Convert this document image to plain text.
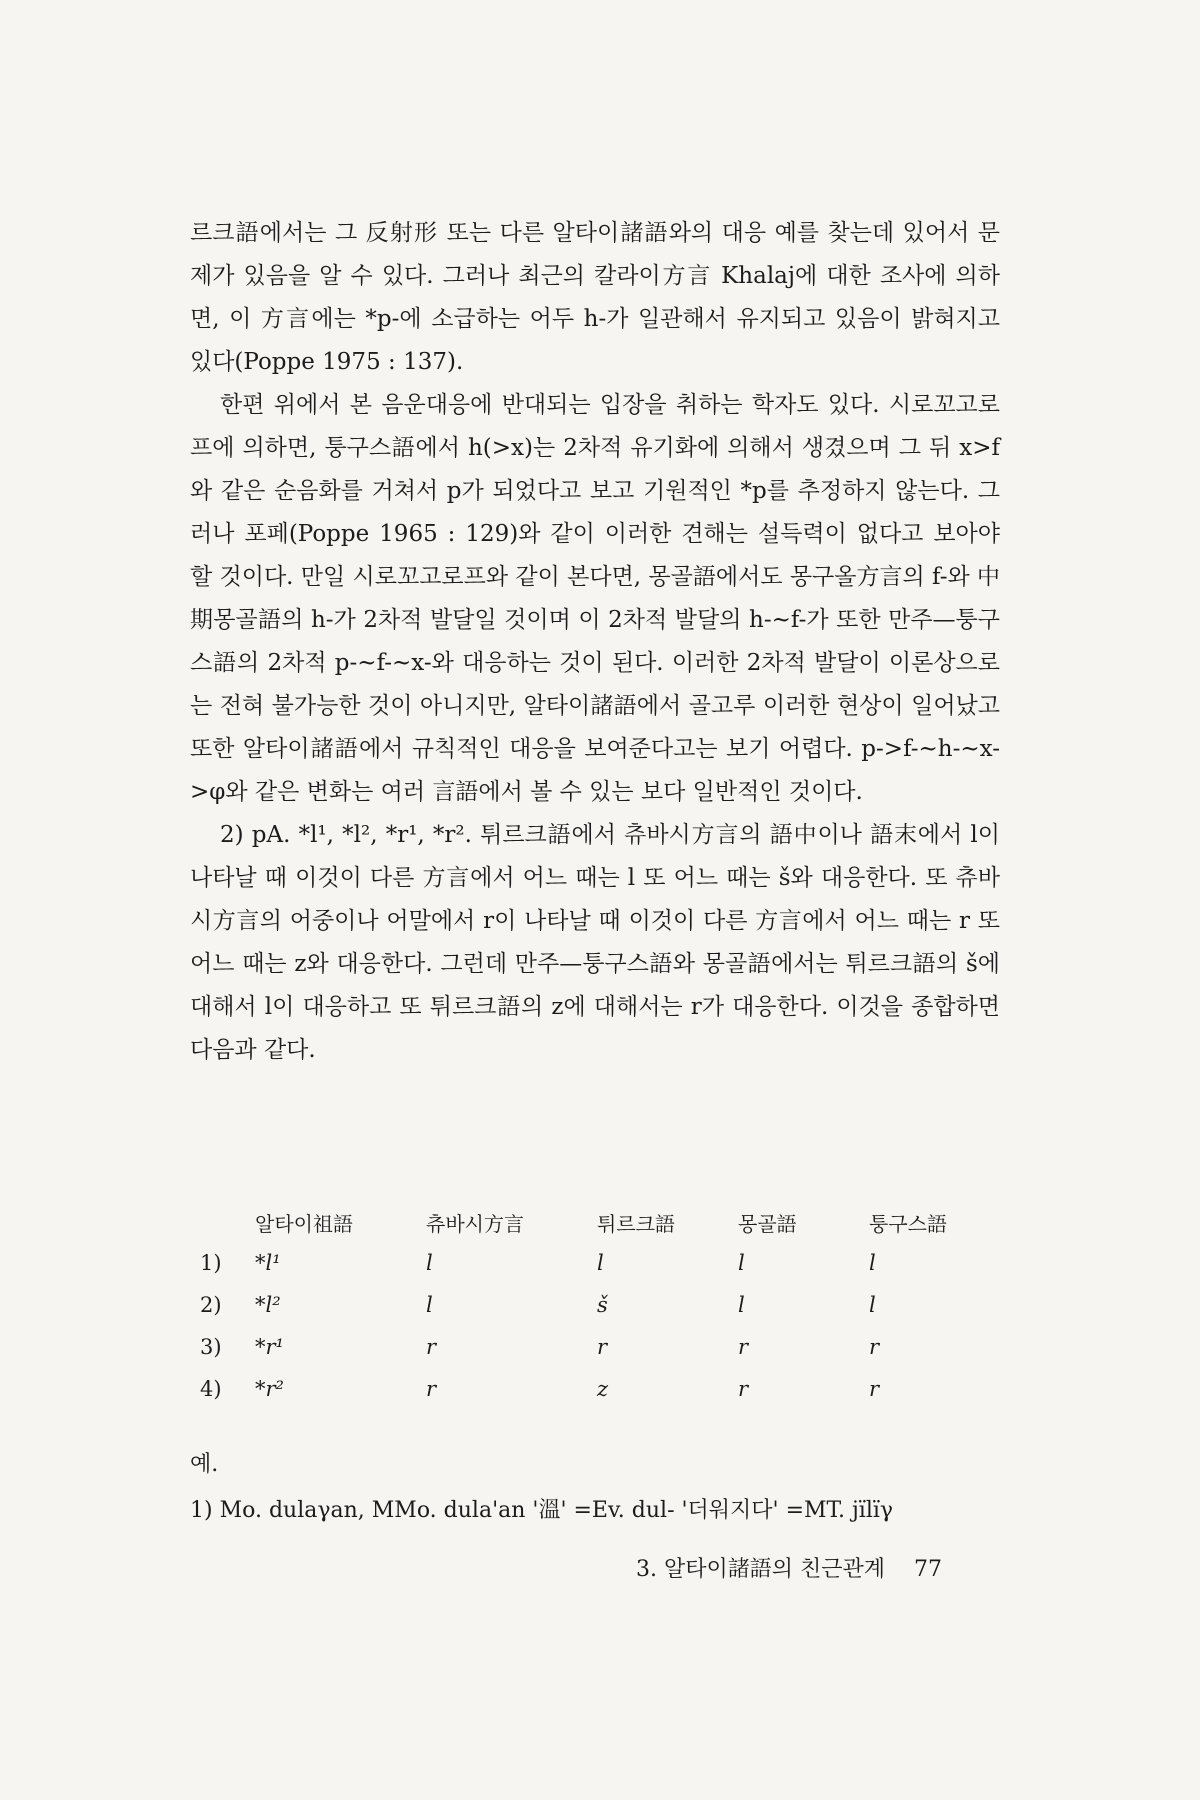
르크語에서는 그 反射形 또는 다른 알타이諸語와의 대응 예를 찾는데 있어서 문제가 있음을 알 수 있다. 그러나 최근의 칼라이方言 Khalaj에 대한 조사에 의하면, 이 方言에는 *p-에 소급하는 어두 h-가 일관해서 유지되고 있음이 밝혀지고 있다(Poppe 1975 : 137).

한편 위에서 본 음운대응에 반대되는 입장을 취하는 학자도 있다. 시로꼬고로프에 의하면, 퉁구스語에서 h(>x)는 2차적 유기화에 의해서 생겼으며 그 뒤 x>f와 같은 순음화를 거쳐서 p가 되었다고 보고 기원적인 *p를 추정하지 않는다. 그러나 포페(Poppe 1965 : 129)와 같이 이러한 견해는 설득력이 없다고 보아야 할 것이다. 만일 시로꼬고로프와 같이 본다면, 몽골語에서도 몽구올方言의 f-와 中期몽골語의 h-가 2차적 발달일 것이며 이 2차적 발달의 h-~f-가 또한 만주—퉁구스語의 2차적 p-~f-~x-와 대응하는 것이 된다. 이러한 2차적 발달이 이론상으로는 전혀 불가능한 것이 아니지만, 알타이諸語에서 골고루 이러한 현상이 일어났고 또한 알타이諸語에서 규칙적인 대응을 보여준다고는 보기 어렵다. p->f-~h-~x->φ와 같은 변화는 여러 言語에서 볼 수 있는 보다 일반적인 것이다.

2) pA. *l¹, *l², *r¹, *r². 튀르크語에서 츄바시方言의 語中이나 語末에서 l이 나타날 때 이것이 다른 方言에서 어느 때는 l 또 어느 때는 š와 대응한다. 또 츄바시方言의 어중이나 어말에서 r이 나타날 때 이것이 다른 方言에서 어느 때는 r 또 어느 때는 z와 대응한다. 그런데 만주—퉁구스語와 몽골語에서는 튀르크語의 š에 대해서 l이 대응하고 또 튀르크語의 z에 대해서는 r가 대응한다. 이것을 종합하면 다음과 같다.

	알타이祖語	츄바시方言	튀르크語	몽골語	퉁구스語
1)	*l¹	l	l	l	l
2)	*l²	l	š	l	l
3)	*r¹	r	r	r	r
4)	*r²	r	z	r	r
예.
1) Mo. dulaγan, MMo. dula'an '溫' =Ev. dul- '더워지다' =MT. jïlïγ
3. 알타이諸語의 친근관계 77
